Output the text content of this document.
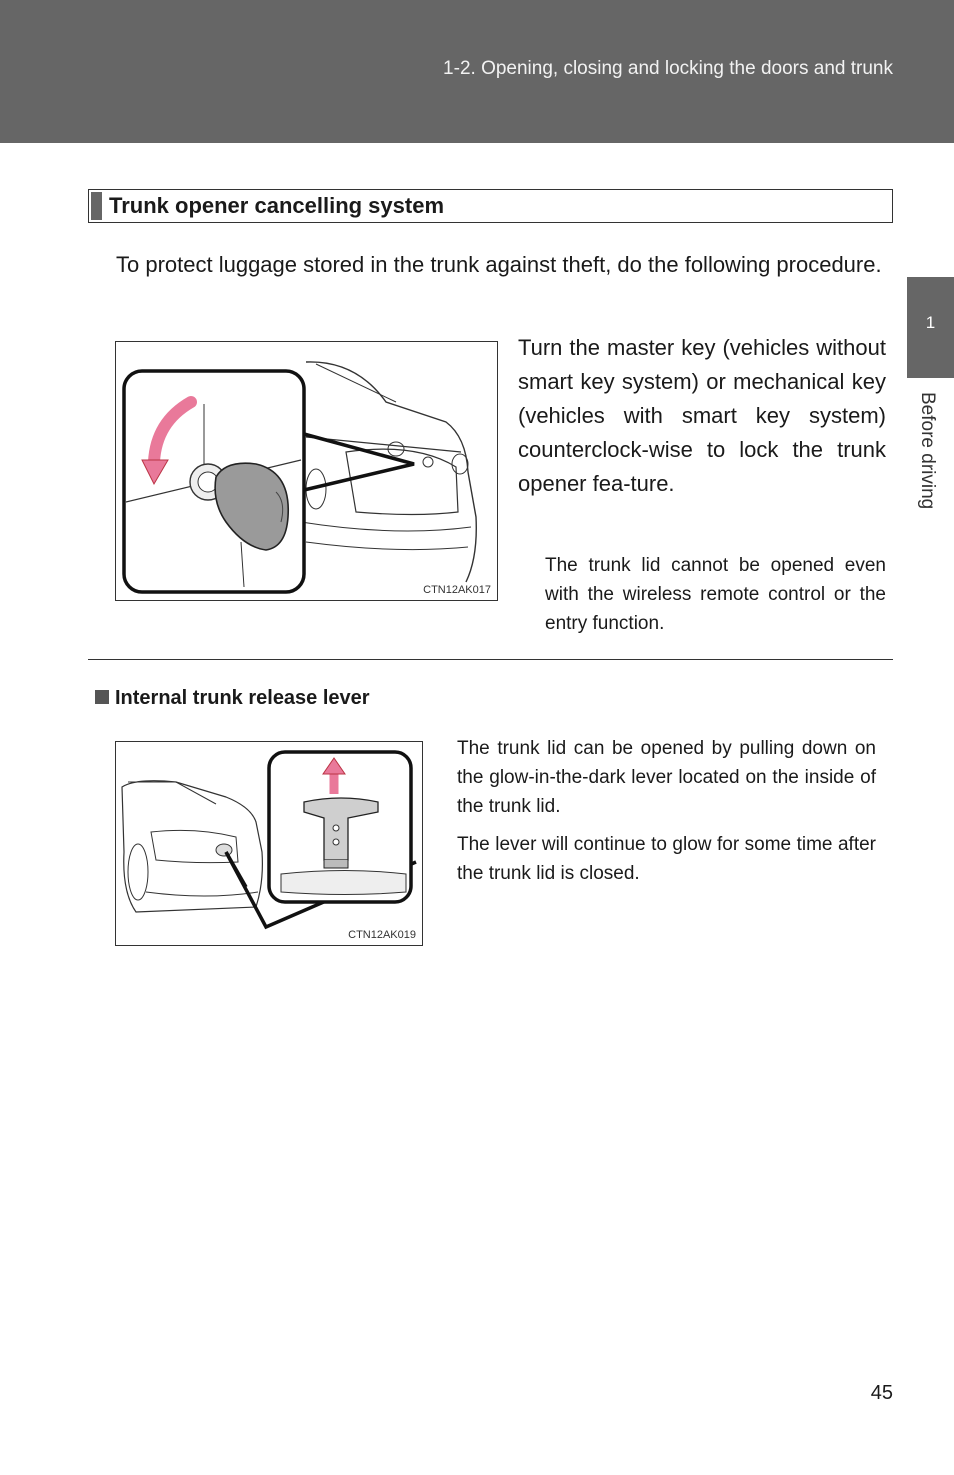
1-2. Opening, closing and locking the doors and trunk
1
Before driving
Trunk opener cancelling system
To protect luggage stored in the trunk against theft, do the following procedure.
CTN12AK017
Turn the master key (vehicles without smart key system) or mechanical key (vehicles with smart key system) counterclock-wise to lock the trunk opener fea-ture.
The trunk lid cannot be opened even with the wireless remote control or the entry function.
Internal trunk release lever
CTN12AK019
The trunk lid can be opened by pulling down on the glow-in-the-dark lever located on the inside of the trunk lid.
The lever will continue to glow for some time after the trunk lid is closed.
45
